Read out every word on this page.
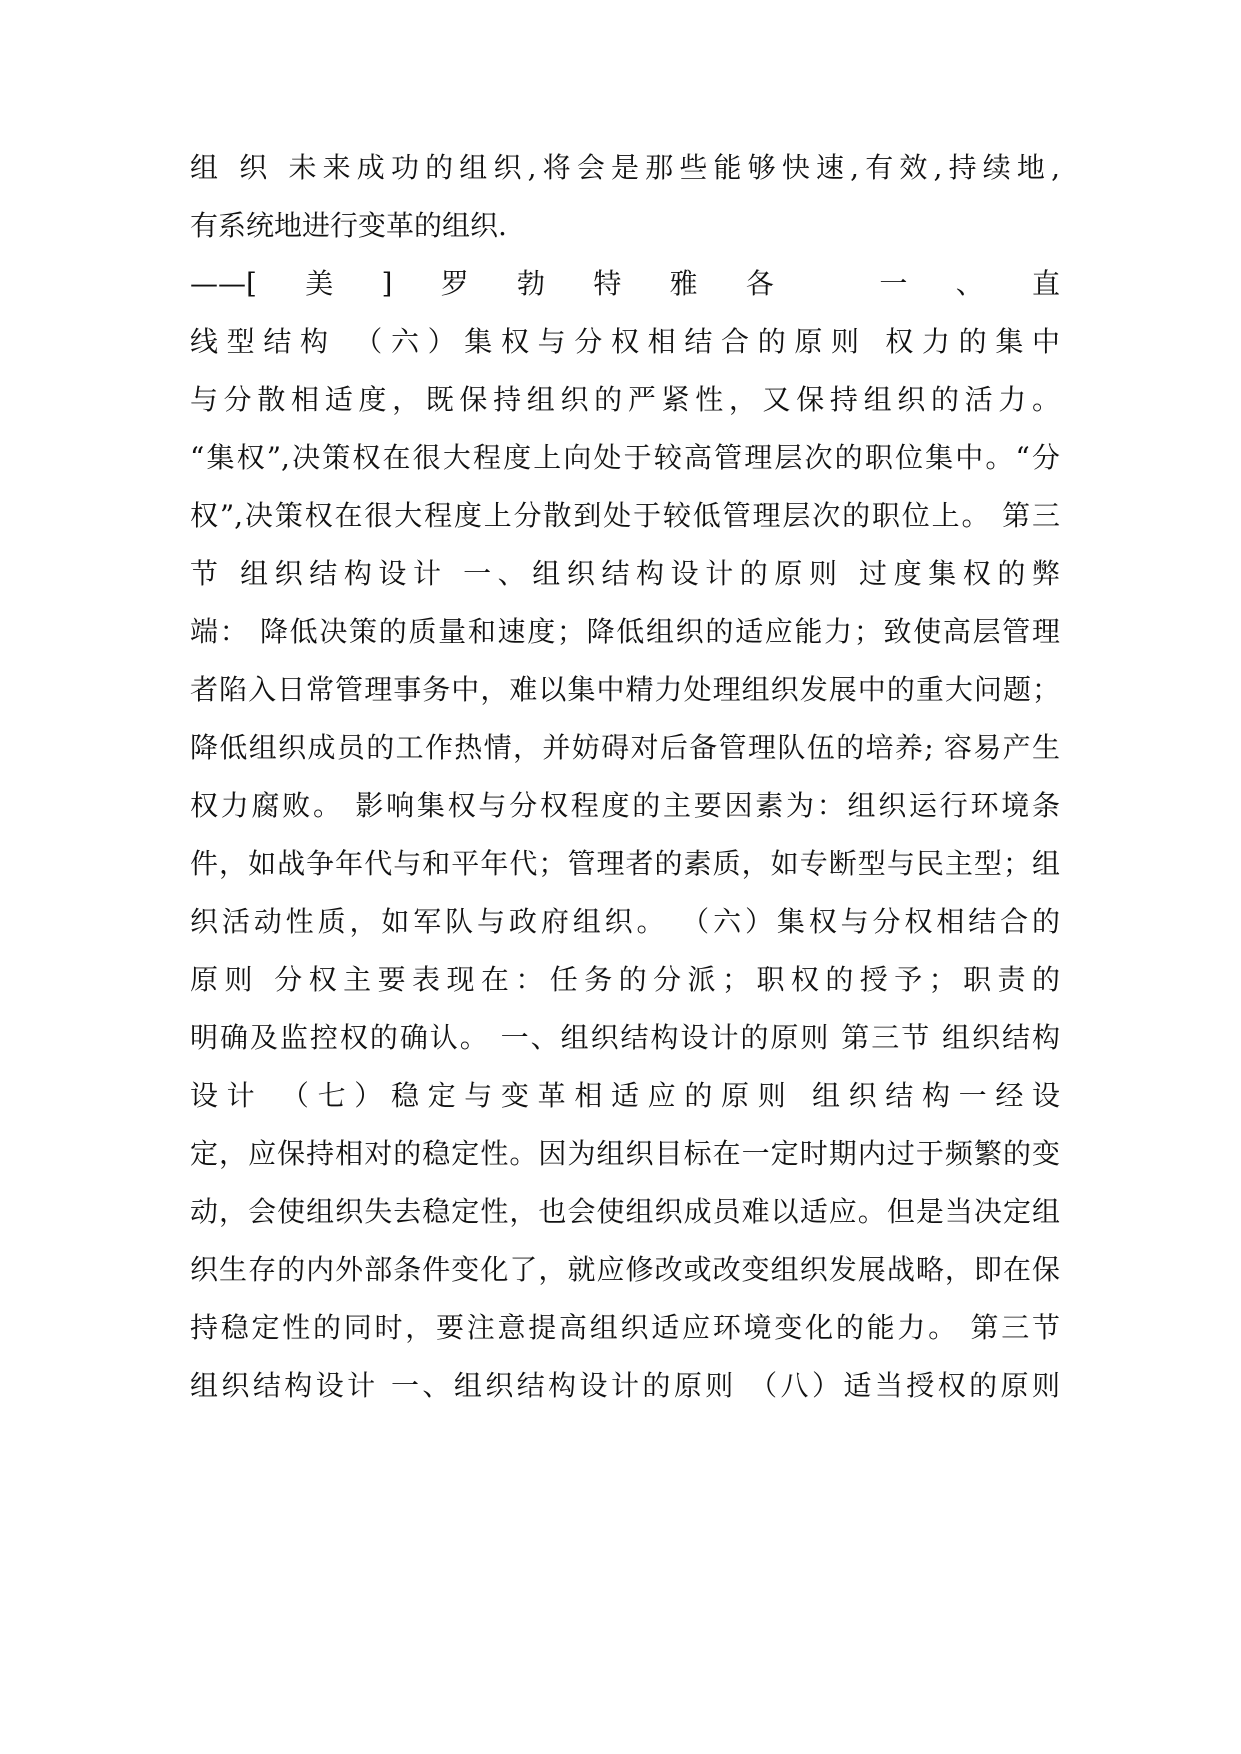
组 织 未来成功的组织,将会是那些能够快速,有效,持续地,
有系统地进行变革的组织.
——[美]罗勃特雅各 一、直
线型结构 （六）集权与分权相结合的原则 权力的集中
与分散相适度，既保持组织的严紧性，又保持组织的活力。
“集权”,决策权在很大程度上向处于较高管理层次的职位集中。“分
权”,决策权在很大程度上分散到处于较低管理层次的职位上。 第三
节 组织结构设计 一、组织结构设计的原则 过度集权的弊
端： 降低决策的质量和速度；降低组织的适应能力；致使高层管理
者陷入日常管理事务中，难以集中精力处理组织发展中的重大问题；
降低组织成员的工作热情，并妨碍对后备管理队伍的培养; 容易产生
权力腐败。 影响集权与分权程度的主要因素为：组织运行环境条
件，如战争年代与和平年代；管理者的素质，如专断型与民主型；组
织活动性质，如军队与政府组织。 （六）集权与分权相结合的
原则 分权主要表现在：任务的分派；职权的授予；职责的
明确及监控权的确认。 一、组织结构设计的原则 第三节 组织结构
设计 （七）稳定与变革相适应的原则 组织结构一经设
定，应保持相对的稳定性。因为组织目标在一定时期内过于频繁的变
动，会使组织失去稳定性，也会使组织成员难以适应。但是当决定组
织生存的内外部条件变化了，就应修改或改变组织发展战略，即在保
持稳定性的同时，要注意提高组织适应环境变化的能力。 第三节
组织结构设计 一、组织结构设计的原则 （八）适当授权的原则
